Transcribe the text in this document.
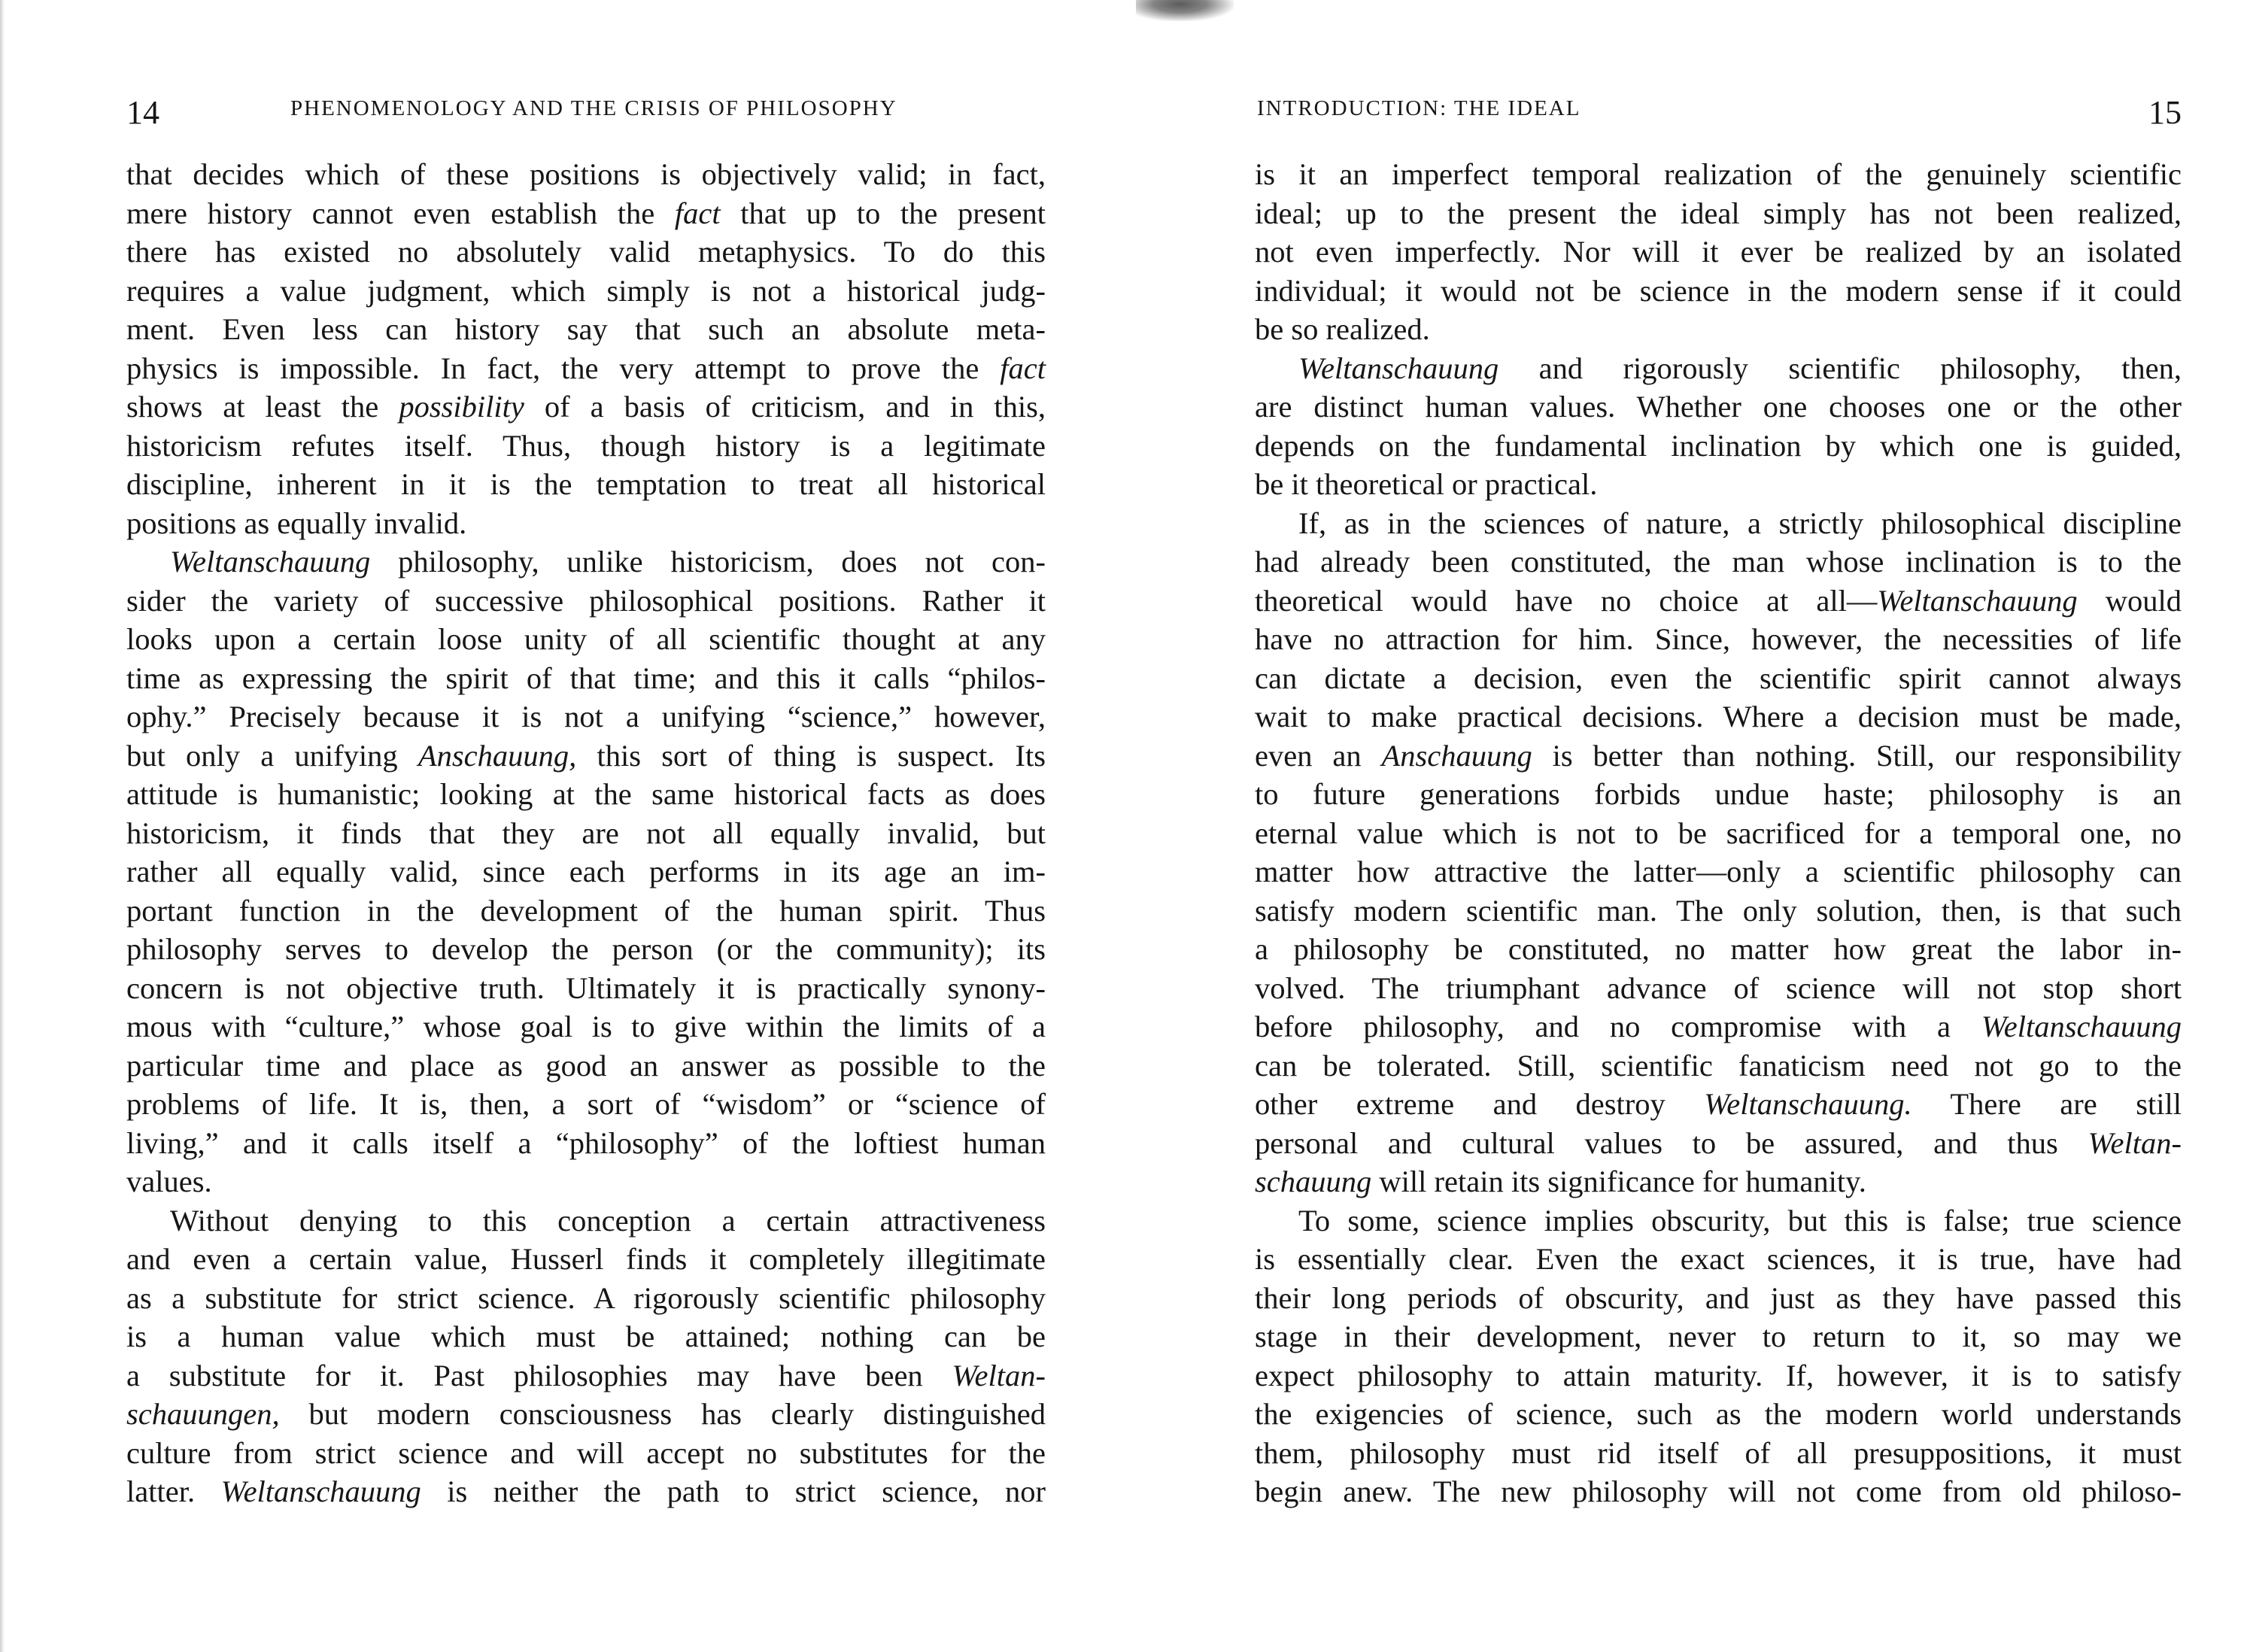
14	PHENOMENOLOGY AND THE CRISIS OF PHILOSOPHY
that decides which of these positions is objectively valid; in fact,
mere history cannot even establish the fact that up to the present
there has existed no absolutely valid metaphysics. To do this
requires a value judgment, which simply is not a historical judg-
ment. Even less can history say that such an absolute meta-
physics is impossible. In fact, the very attempt to prove the fact
shows at least the possibility of a basis of criticism, and in this,
historicism refutes itself. Thus, though history is a legitimate
discipline, inherent in it is the temptation to treat all historical
positions as equally invalid.
Weltanschauung philosophy, unlike historicism, does not con-
sider the variety of successive philosophical positions. Rather it
looks upon a certain loose unity of all scientific thought at any
time as expressing the spirit of that time; and this it calls “philos-
ophy.” Precisely because it is not a unifying “science,” however,
but only a unifying Anschauung, this sort of thing is suspect. Its
attitude is humanistic; looking at the same historical facts as does
historicism, it finds that they are not all equally invalid, but
rather all equally valid, since each performs in its age an im-
portant function in the development of the human spirit. Thus
philosophy serves to develop the person (or the community); its
concern is not objective truth. Ultimately it is practically synony-
mous with “culture,” whose goal is to give within the limits of a
particular time and place as good an answer as possible to the
problems of life. It is, then, a sort of “wisdom” or “science of
living,” and it calls itself a “philosophy” of the loftiest human
values.
Without denying to this conception a certain attractiveness
and even a certain value, Husserl finds it completely illegitimate
as a substitute for strict science. A rigorously scientific philosophy
is a human value which must be attained; nothing can be
a substitute for it. Past philosophies may have been Weltan-
schauungen, but modern consciousness has clearly distinguished
culture from strict science and will accept no substitutes for the
latter. Weltanschauung is neither the path to strict science, nor
INTRODUCTION: THE IDEAL	15
is it an imperfect temporal realization of the genuinely scientific
ideal; up to the present the ideal simply has not been realized,
not even imperfectly. Nor will it ever be realized by an isolated
individual; it would not be science in the modern sense if it could
be so realized.
Weltanschauung and rigorously scientific philosophy, then,
are distinct human values. Whether one chooses one or the other
depends on the fundamental inclination by which one is guided,
be it theoretical or practical.
If, as in the sciences of nature, a strictly philosophical discipline
had already been constituted, the man whose inclination is to the
theoretical would have no choice at all—Weltanschauung would
have no attraction for him. Since, however, the necessities of life
can dictate a decision, even the scientific spirit cannot always
wait to make practical decisions. Where a decision must be made,
even an Anschauung is better than nothing. Still, our responsibility
to future generations forbids undue haste; philosophy is an
eternal value which is not to be sacrificed for a temporal one, no
matter how attractive the latter—only a scientific philosophy can
satisfy modern scientific man. The only solution, then, is that such
a philosophy be constituted, no matter how great the labor in-
volved. The triumphant advance of science will not stop short
before philosophy, and no compromise with a Weltanschauung
can be tolerated. Still, scientific fanaticism need not go to the
other extreme and destroy Weltanschauung. There are still
personal and cultural values to be assured, and thus Weltan-
schauung will retain its significance for humanity.
To some, science implies obscurity, but this is false; true science
is essentially clear. Even the exact sciences, it is true, have had
their long periods of obscurity, and just as they have passed this
stage in their development, never to return to it, so may we
expect philosophy to attain maturity. If, however, it is to satisfy
the exigencies of science, such as the modern world understands
them, philosophy must rid itself of all presuppositions, it must
begin anew. The new philosophy will not come from old philoso-
